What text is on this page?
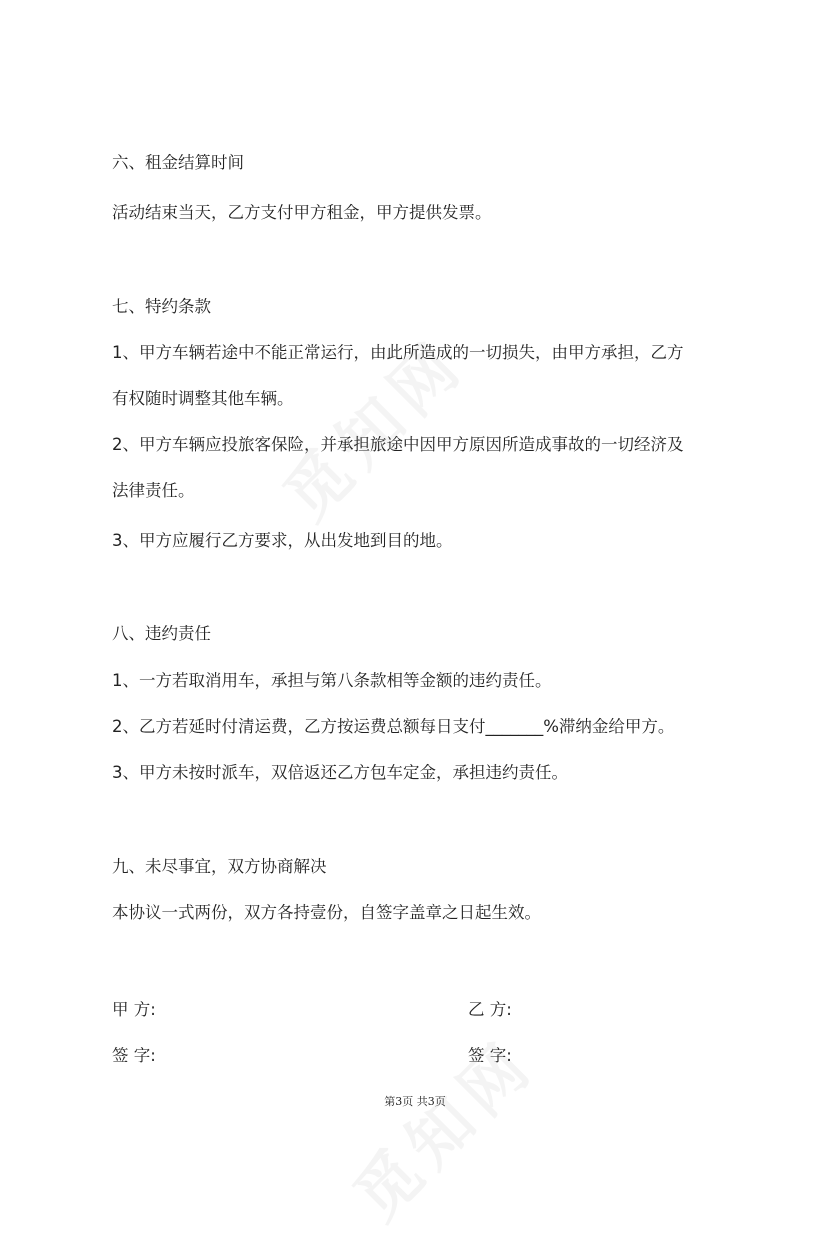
六、租金结算时间
活动结束当天，乙方支付甲方租金，甲方提供发票。
七、特约条款
1、甲方车辆若途中不能正常运行，由此所造成的一切损失，由甲方承担，乙方
有权随时调整其他车辆。
2、甲方车辆应投旅客保险，并承担旅途中因甲方原因所造成事故的一切经济及
法律责任。
3、甲方应履行乙方要求，从出发地到目的地。
八、违约责任
1、一方若取消用车，承担与第八条款相等金额的违约责任。
2、乙方若延时付清运费，乙方按运费总额每日支付_______%滞纳金给甲方。
3、甲方未按时派车，双倍返还乙方包车定金，承担违约责任。
九、未尽事宜，双方协商解决
本协议一式两份，双方各持壹份，自签字盖章之日起生效。
甲 方:	乙 方:
签 字:	签 字:
第3页 共3页
